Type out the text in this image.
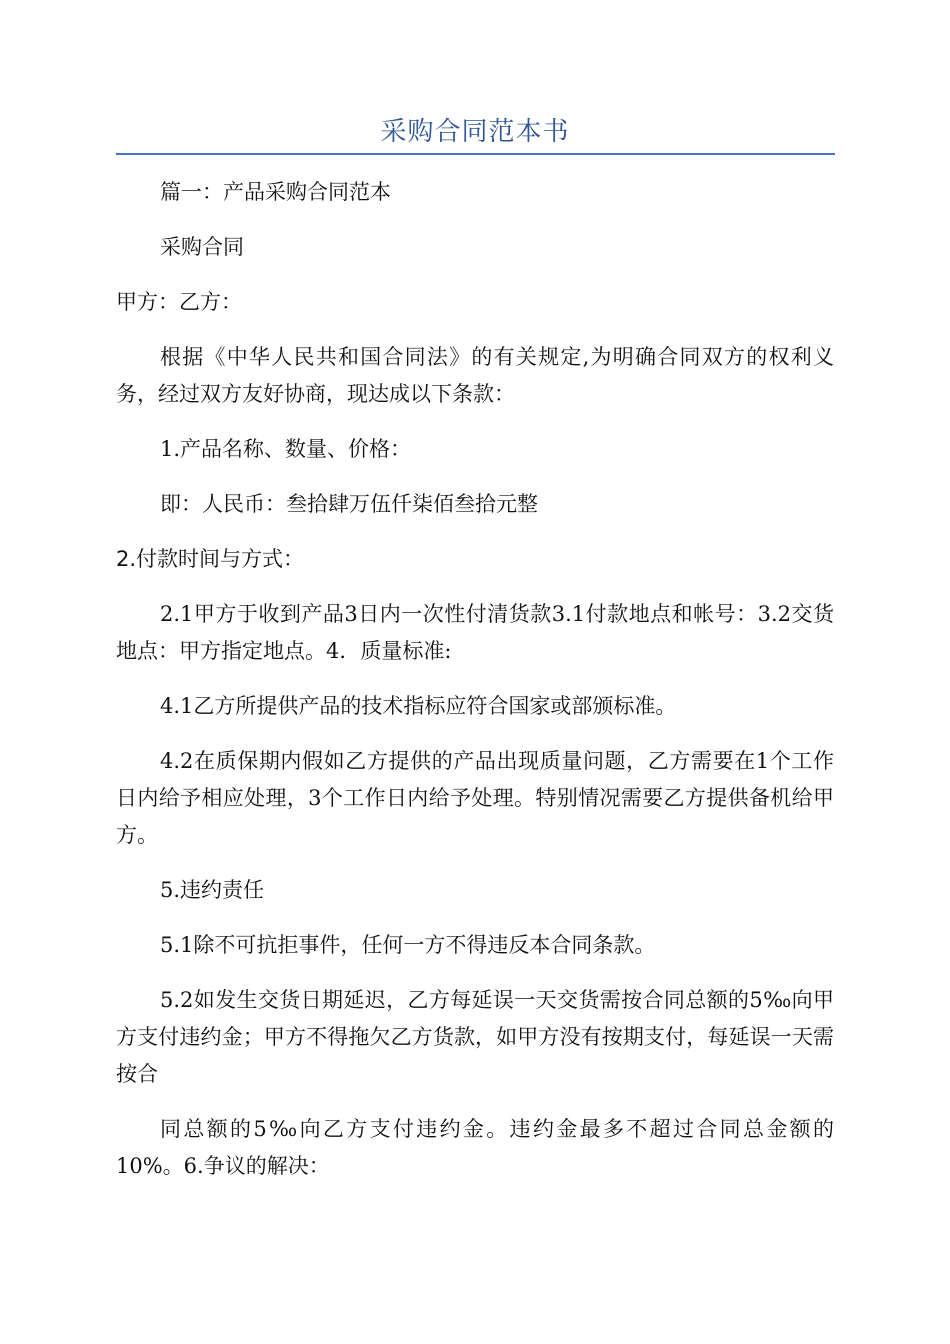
采购合同范本书

篇一：产品采购合同范本

采购合同

甲方：乙方：

根据《中华人民共和国合同法》的有关规定,为明确合同双方的权利义务，经过双方友好协商，现达成以下条款：

1.产品名称、数量、价格：

即：人民币：叁拾肆万伍仟柒佰叁拾元整

2.付款时间与方式：

2.1甲方于收到产品3日内一次性付清货款3.1付款地点和帐号：3.2交货地点：甲方指定地点。4．质量标准:

4.1乙方所提供产品的技术指标应符合国家或部颁标准。

4.2在质保期内假如乙方提供的产品出现质量问题，乙方需要在1个工作日内给予相应处理，3个工作日内给予处理。特别情况需要乙方提供备机给甲方。

5.违约责任

5.1除不可抗拒事件，任何一方不得违反本合同条款。

5.2如发生交货日期延迟，乙方每延误一天交货需按合同总额的5‰向甲方支付违约金；甲方不得拖欠乙方货款，如甲方没有按期支付，每延误一天需按合

同总额的5‰向乙方支付违约金。违约金最多不超过合同总金额的10%。6.争议的解决：
